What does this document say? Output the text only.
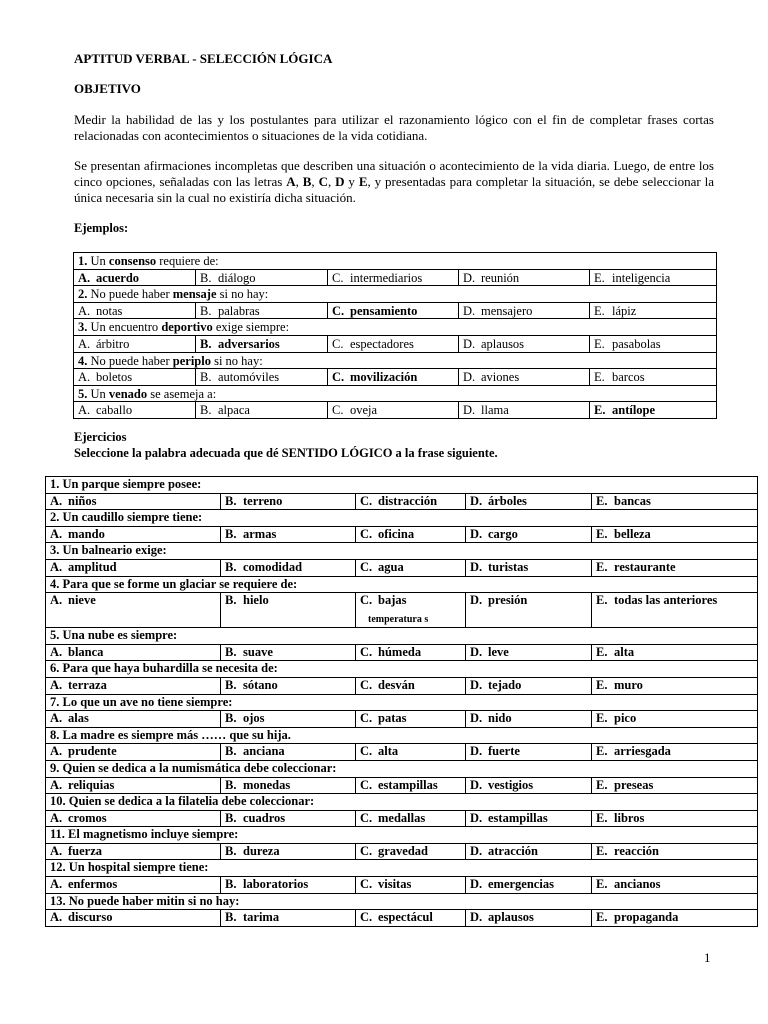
APTITUD VERBAL - SELECCIÓN LÓGICA
OBJETIVO
Medir la habilidad de las y los postulantes para utilizar el razonamiento lógico con el fin de completar frases cortas relacionadas con acontecimientos o situaciones de la vida cotidiana.
Se presentan afirmaciones incompletas que describen una situación o acontecimiento de la vida diaria. Luego, de entre los cinco opciones, señaladas con las letras A, B, C, D y E, y presentadas para completar la situación, se debe seleccionar la única necesaria sin la cual no existiría dicha situación.
Ejemplos:
1. Un consenso requiere de:				
A. acuerdo	B. diálogo	C. intermediarios	D. reunión	E. inteligencia
2. No puede haber mensaje si no hay:				
A. notas	B. palabras	C. pensamiento	D. mensajero	E. lápiz
3. Un encuentro deportivo exige siempre:				
A. árbitro	B. adversarios	C. espectadores	D. aplausos	E. pasabolas
4. No puede haber periplo si no hay:				
A. boletos	B. automóviles	C. movilización	D. aviones	E. barcos
5. Un venado se asemeja a:				
A. caballo	B. alpaca	C. oveja	D. llama	E. antílope
Ejercicios
Seleccione la palabra adecuada que dé SENTIDO LÓGICO a la frase siguiente.
1. Un parque siempre posee:				
A. niños	B. terreno	C. distracción	D. árboles	E. bancas
2. Un caudillo siempre tiene:				
A. mando	B. armas	C. oficina	D. cargo	E. belleza
3. Un balneario exige:				
A. amplitud	B. comodidad	C. agua	D. turistas	E. restaurante
4. Para que se forme un glaciar se requiere de:				
A. nieve	B. hielo	C. bajastemperatura s	D. presión	E. todas las anteriores
5. Una nube es siempre:				
A. blanca	B. suave	C. húmeda	D. leve	E. alta
6. Para que haya buhardilla se necesita de:				
A. terraza	B. sótano	C. desván	D. tejado	E. muro
7. Lo que un ave no tiene siempre:				
A. alas	B. ojos	C. patas	D. nido	E. pico
8. La madre es siempre más …… que su hija.				
A. prudente	B. anciana	C. alta	D. fuerte	E. arriesgada
9. Quien se dedica a la numismática debe coleccionar:				
A. reliquias	B. monedas	C. estampillas	D. vestigios	E. preseas
10. Quien se dedica a la filatelia debe coleccionar:				
A. cromos	B. cuadros	C. medallas	D. estampillas	E. libros
11. El magnetismo incluye siempre:				
A. fuerza	B. dureza	C. gravedad	D. atracción	E. reacción
12. Un hospital siempre tiene:				
A. enfermos	B. laboratorios	C. visitas	D. emergencias	E. ancianos
13. No puede haber mitin si no hay:				
A. discurso	B. tarima	C. espectácul	D. aplausos	E. propaganda
1
